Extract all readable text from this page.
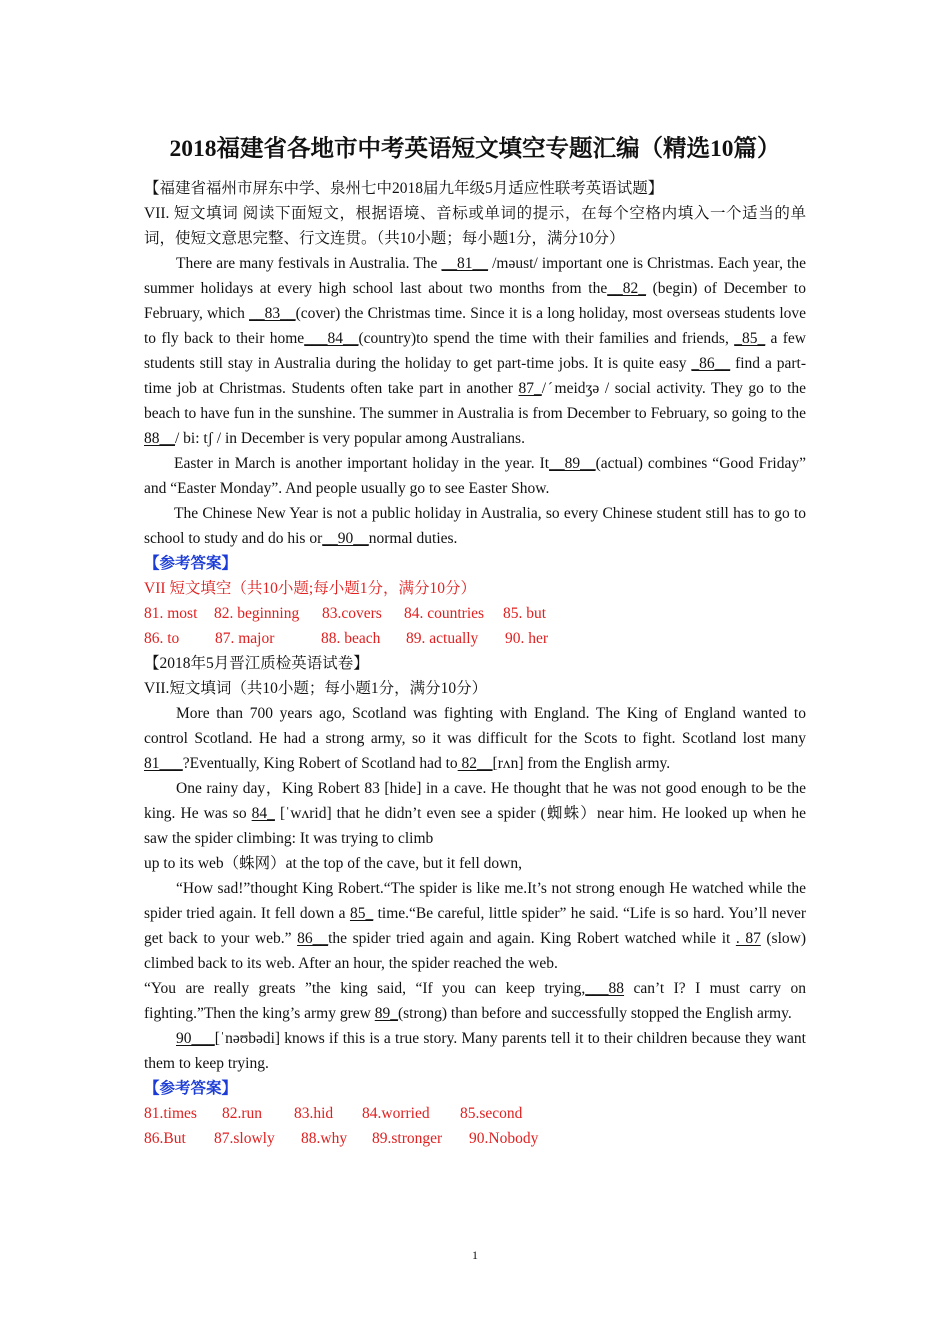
2018福建省各地市中考英语短文填空专题汇编（精选10篇）

【福建省福州市屏东中学、泉州七中2018届九年级5月适应性联考英语试题】

VII. 短文填词 阅读下面短文，根据语境、音标或单词的提示，在每个空格内填入一个适当的单词，使短文意思完整、行文连贯。（共10小题；每小题1分，满分10分）

There are many festivals in Australia. The __81__ /məust/ important one is Christmas. Each year, the summer holidays at every high school last about two months from the__82_ (begin) of December to February, which __83__(cover) the Christmas time. Since it is a long holiday, most overseas students love to fly back to their home___84__(country)to spend the time with their families and friends, _85_ a few students still stay in Australia during the holiday to get part-time jobs. It is quite easy _86__ find a part-time job at Christmas. Students often take part in another 87_/ˊmeidʒə / social activity. They go to the beach to have fun in the sunshine. The summer in Australia is from December to February, so going to the 88__/ bi: tʃ / in December is very popular among Australians.

Easter in March is another important holiday in the year. It__89__(actual) combines “Good Friday” and “Easter Monday”. And people usually go to see Easter Show.

The Chinese New Year is not a public holiday in Australia, so every Chinese student still has to go to school to study and do his or__90__normal duties.

【参考答案】

VII 短文填空（共10小题;每小题1分，满分10分）

81. most	82. beginning	83.covers	84. countries	85. but
86. to	87. major	88. beach	89. actually	90. her

【2018年5月晋江质检英语试卷】

VII.短文填词（共10小题；每小题1分，满分10分）

More than 700 years ago, Scotland was fighting with England. The King of England wanted to control Scotland. He had a strong army, so it was difficult for the Scots to fight. Scotland lost many 81___?Eventually, King Robert of Scotland had to 82__[rʌn] from the English army.

One rainy day，King Robert 83 [hide] in a cave. He thought that he was not good enough to be the king. He was so 84_ [ˈwʌrid] that he didn’t even see a spider (蜘蛛）near him. He looked up when he saw the spider climbing: It was trying to climb

up to its web（蛛网）at the top of the cave, but it fell down,

“How sad!”thought King Robert.“The spider is like me.It’s not strong enough He watched while the spider tried again. It fell down a 85_ time.“Be careful, little spider” he said. “Life is so hard. You’ll never get back to your web.” 86__the spider tried again and again. King Robert watched while it . 87 (slow) climbed back to its web. After an hour, the spider reached the web.

“You are really greats ”the king said, “If you can keep trying,___88 can’t I? I must carry on fighting.”Then the king’s army grew 89_(strong) than before and successfully stopped the English army.

90___[ˈnəʊbədi] knows if this is a true story. Many parents tell it to their children because they want them to keep trying.

【参考答案】

81.times	82.run	83.hid	84.worried	85.second
86.But	87.slowly	88.why	89.stronger	90.Nobody
1
